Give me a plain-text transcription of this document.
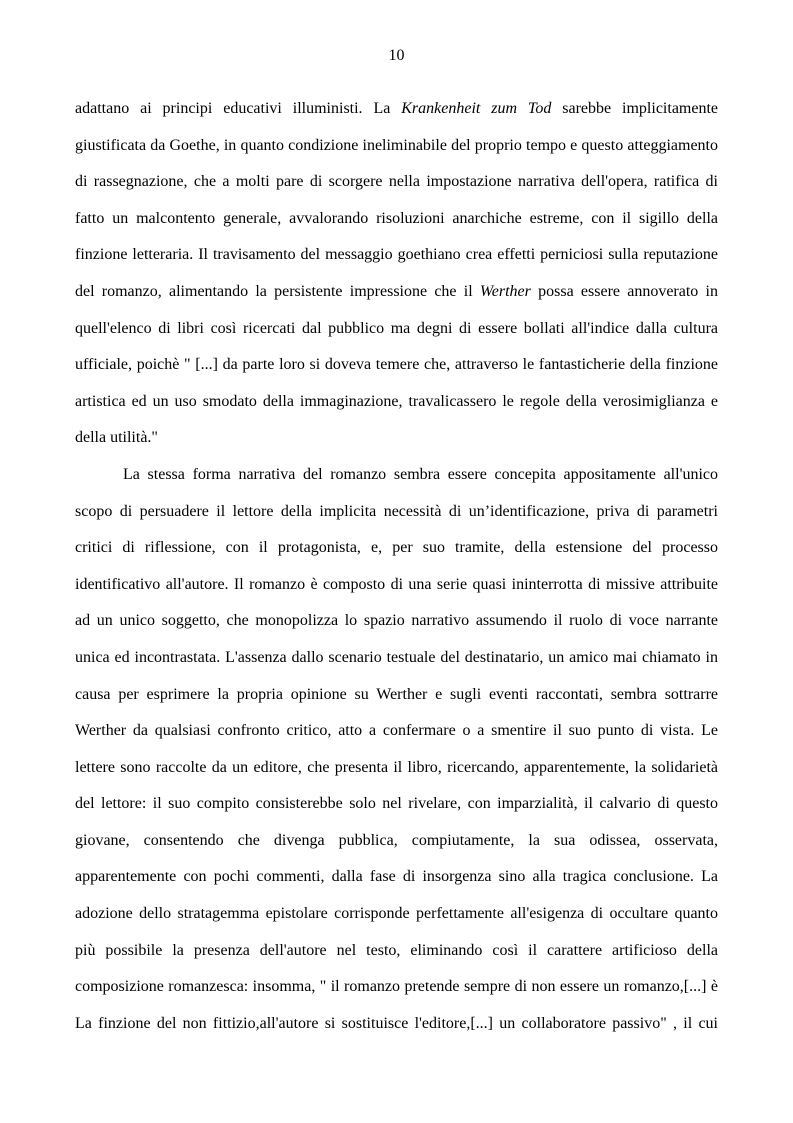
10
adattano ai principi educativi illuministi. La Krankenheit zum Tod sarebbe implicitamente
giustificata da Goethe, in quanto condizione ineliminabile del proprio tempo e questo atteggiamento
di rassegnazione, che a molti pare di scorgere nella impostazione narrativa dell'opera, ratifica di
fatto un malcontento generale, avvalorando risoluzioni anarchiche estreme, con il sigillo della
finzione letteraria. Il travisamento del messaggio goethiano crea effetti perniciosi sulla reputazione
del romanzo, alimentando la persistente impressione che il Werther possa essere annoverato in
quell'elenco di libri così ricercati dal pubblico ma degni di essere bollati all'indice dalla cultura
ufficiale, poichè " [...] da parte loro si doveva temere che, attraverso le fantasticherie della finzione
artistica ed un uso smodato della immaginazione, travalicassero le regole della verosimiglianza e
della utilità."
La stessa forma narrativa del romanzo sembra essere concepita appositamente all'unico
scopo di persuadere il lettore della implicita necessità di un’identificazione, priva di parametri
critici di riflessione, con il protagonista, e, per suo tramite, della estensione del processo
identificativo all'autore. Il romanzo è composto di una serie quasi ininterrotta di missive attribuite
ad un unico soggetto, che monopolizza lo spazio narrativo assumendo il ruolo di voce narrante
unica ed incontrastata. L'assenza dallo scenario testuale del destinatario, un amico mai chiamato in
causa per esprimere la propria opinione su Werther e sugli eventi raccontati, sembra sottrarre
Werther da qualsiasi confronto critico, atto a confermare o a smentire il suo punto di vista. Le
lettere sono raccolte da un editore, che presenta il libro, ricercando, apparentemente, la solidarietà
del lettore: il suo compito consisterebbe solo nel rivelare, con imparzialità, il calvario di questo
giovane, consentendo che divenga pubblica, compiutamente, la sua odissea, osservata,
apparentemente con pochi commenti, dalla fase di insorgenza sino alla tragica conclusione. La
adozione dello stratagemma epistolare corrisponde perfettamente all'esigenza di occultare quanto
più possibile la presenza dell'autore nel testo, eliminando così il carattere artificioso della
composizione romanzesca: insomma, " il romanzo pretende sempre di non essere un romanzo,[...] è
La finzione del non fittizio,all'autore si sostituisce l'editore,[...] un collaboratore passivo" , il cui
